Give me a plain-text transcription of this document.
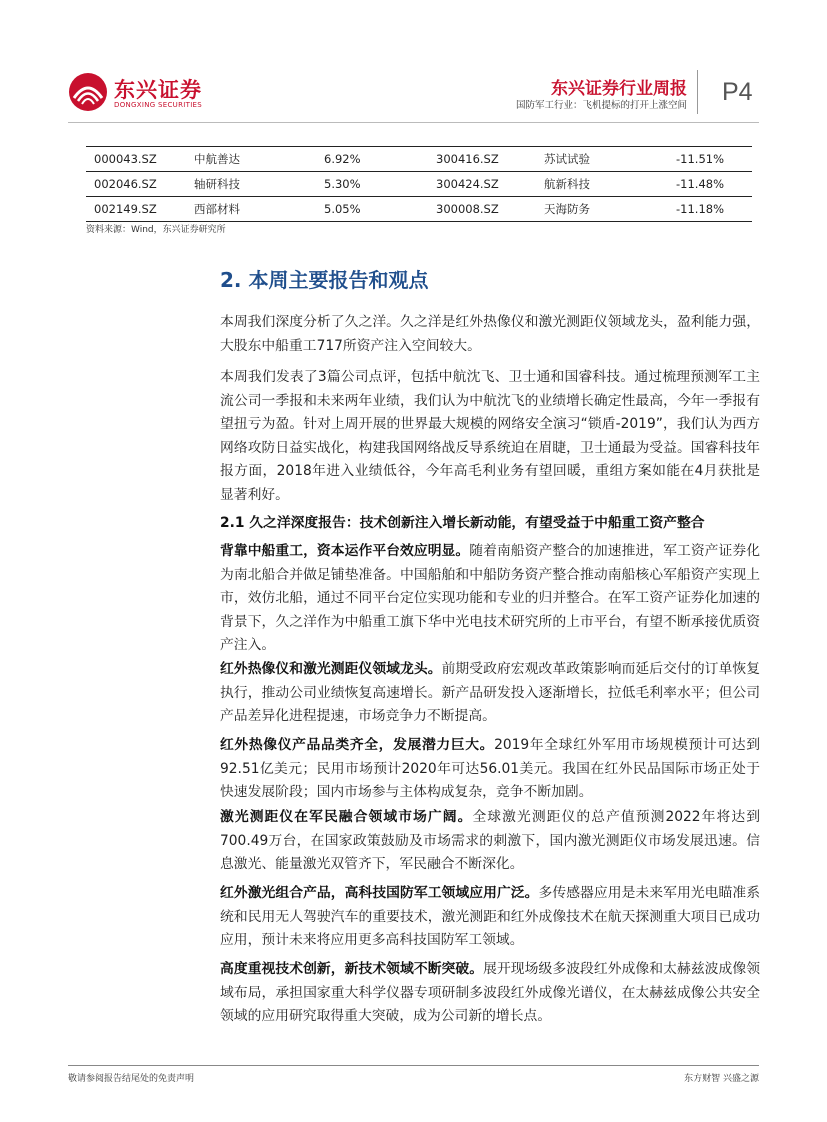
东兴证券
DONGXING SECURITIES
东兴证券行业周报
国防军工行业：飞机提标的打开上涨空间 P4
000043.SZ	中航善达	6.92%	300416.SZ	苏试试验	-11.51%
002046.SZ	轴研科技	5.30%	300424.SZ	航新科技	-11.48%
002149.SZ	西部材料	5.05%	300008.SZ	天海防务	-11.18%
资料来源：Wind，东兴证券研究所
2. 本周主要报告和观点

本周我们深度分析了久之洋。久之洋是红外热像仪和激光测距仪领域龙头，盈利能力强，大股东中船重工717所资产注入空间较大。

本周我们发表了3篇公司点评，包括中航沈飞、卫士通和国睿科技。通过梳理预测军工主流公司一季报和未来两年业绩，我们认为中航沈飞的业绩增长确定性最高，今年一季报有望扭亏为盈。针对上周开展的世界最大规模的网络安全演习“锁盾-2019”，我们认为西方网络攻防日益实战化，构建我国网络战反导系统迫在眉睫，卫士通最为受益。国睿科技年报方面，2018年进入业绩低谷，今年高毛利业务有望回暖，重组方案如能在4月获批是显著利好。

2.1 久之洋深度报告：技术创新注入增长新动能，有望受益于中船重工资产整合

背靠中船重工，资本运作平台效应明显。随着南船资产整合的加速推进，军工资产证券化为南北船合并做足铺垫准备。中国船舶和中船防务资产整合推动南船核心军船资产实现上市，效仿北船，通过不同平台定位实现功能和专业的归并整合。在军工资产证券化加速的背景下，久之洋作为中船重工旗下华中光电技术研究所的上市平台，有望不断承接优质资产注入。

红外热像仪和激光测距仪领域龙头。前期受政府宏观改革政策影响而延后交付的订单恢复执行，推动公司业绩恢复高速增长。新产品研发投入逐渐增长，拉低毛利率水平；但公司产品差异化进程提速，市场竞争力不断提高。

红外热像仪产品品类齐全，发展潜力巨大。2019年全球红外军用市场规模预计可达到92.51亿美元；民用市场预计2020年可达56.01美元。我国在红外民品国际市场正处于快速发展阶段；国内市场参与主体构成复杂，竞争不断加剧。

激光测距仪在军民融合领域市场广阔。全球激光测距仪的总产值预测2022年将达到700.49万台，在国家政策鼓励及市场需求的刺激下，国内激光测距仪市场发展迅速。信息激光、能量激光双管齐下，军民融合不断深化。

红外激光组合产品，高科技国防军工领域应用广泛。多传感器应用是未来军用光电瞄准系统和民用无人驾驶汽车的重要技术，激光测距和红外成像技术在航天探测重大项目已成功应用，预计未来将应用更多高科技国防军工领域。

高度重视技术创新，新技术领域不断突破。展开现场级多波段红外成像和太赫兹波成像领域布局，承担国家重大科学仪器专项研制多波段红外成像光谱仪，在太赫兹成像公共安全领域的应用研究取得重大突破，成为公司新的增长点。

敬请参阅报告结尾处的免责声明	东方财智 兴盛之源
